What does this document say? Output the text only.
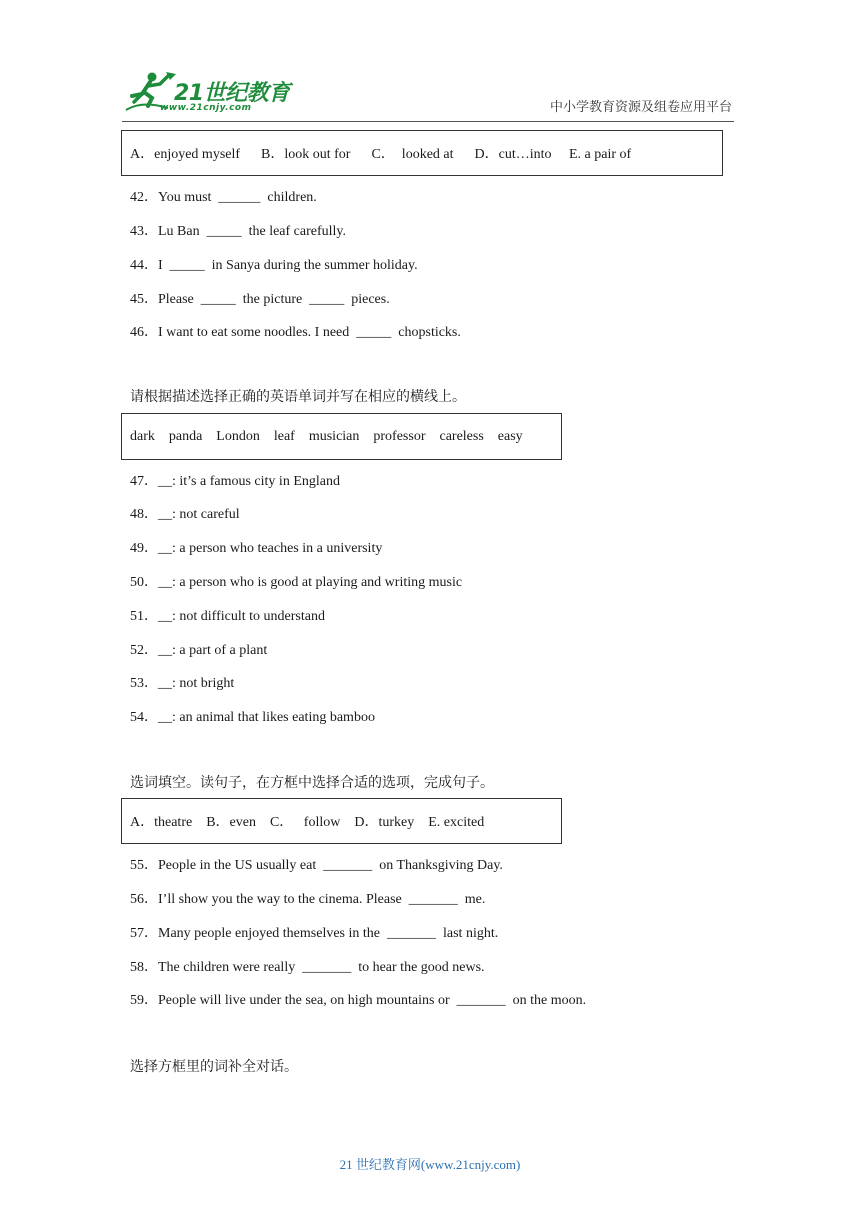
21世纪教育
www.21cnjy.com	中小学教育资源及组卷应用平台
A．enjoyed myself      B．look out for      C．  looked at      D．cut…into     E. a pair of
42．You must  ______  children.
43．Lu Ban  _____  the leaf carefully.
44．I  _____  in Sanya during the summer holiday.
45．Please  _____  the picture  _____  pieces.
46．I want to eat some noodles. I need  _____  chopsticks.
请根据描述选择正确的英语单词并写在相应的横线上。
dark    panda    London    leaf    musician    professor    careless    easy
47．__: it’s a famous city in England
48．__: not careful
49．__: a person who teaches in a university
50．__: a person who is good at playing and writing music
51．__: not difficult to understand
52．__: a part of a plant
53．__: not bright
54．__: an animal that likes eating bamboo
选词填空。读句子，在方框中选择合适的选项，完成句子。
A．theatre    B．even    C．   follow    D．turkey    E. excited
55．People in the US usually eat  _______  on Thanksgiving Day.
56．I’ll show you the way to the cinema. Please  _______  me.
57．Many people enjoyed themselves in the  _______  last night.
58．The children were really  _______  to hear the good news.
59．People will live under the sea, on high mountains or  _______  on the moon.
选择方框里的词补全对话。
21 世纪教育网(www.21cnjy.com)
